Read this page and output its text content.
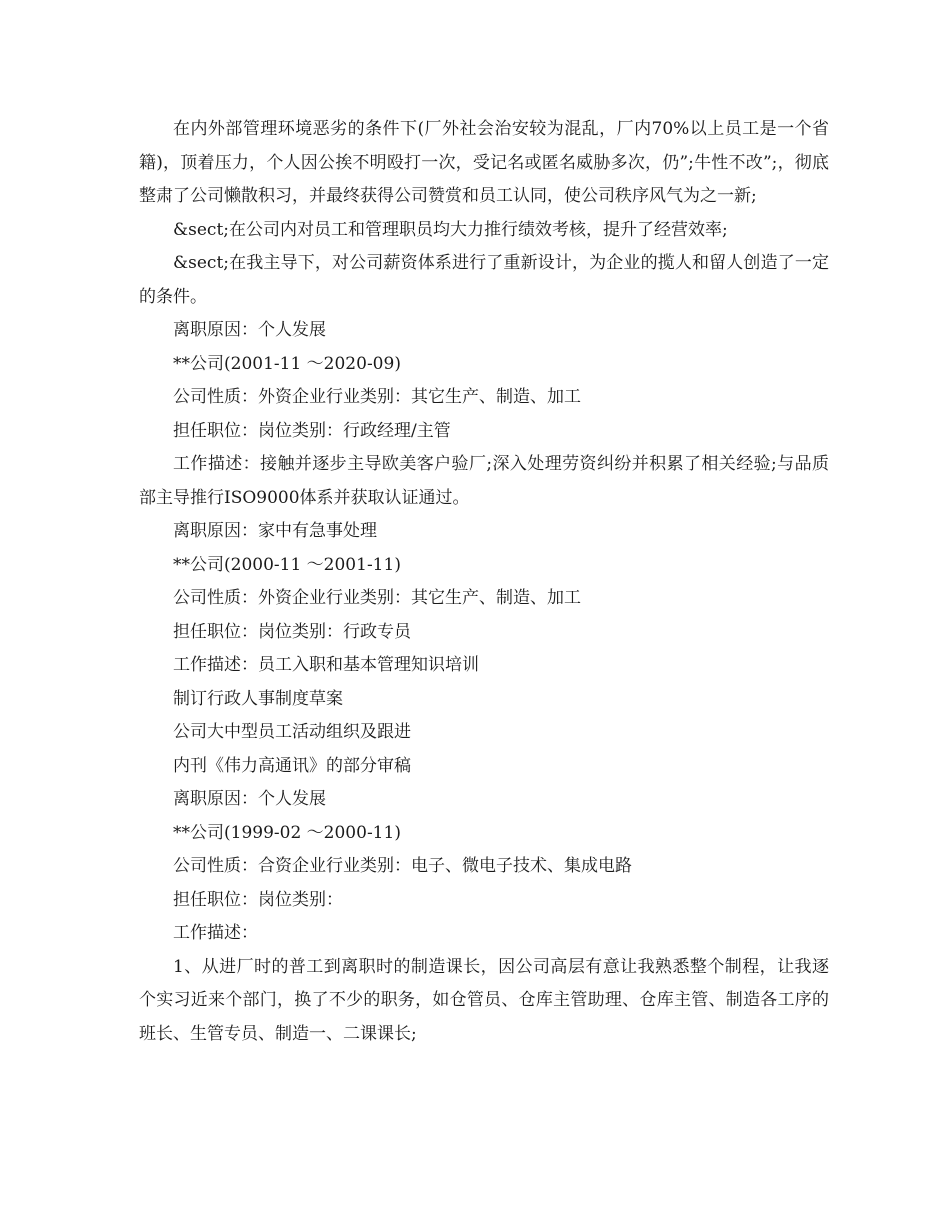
在内外部管理环境恶劣的条件下(厂外社会治安较为混乱，厂内70%以上员工是一个省籍)，顶着压力，个人因公挨不明殴打一次，受记名或匿名威胁多次，仍”;牛性不改”;，彻底整肃了公司懒散积习，并最终获得公司赞赏和员工认同，使公司秩序风气为之一新;

&sect;在公司内对员工和管理职员均大力推行绩效考核，提升了经营效率;

&sect;在我主导下，对公司薪资体系进行了重新设计，为企业的揽人和留人创造了一定的条件。

离职原因：个人发展

**公司(2001-11 ～2020-09)

公司性质：外资企业行业类别：其它生产、制造、加工

担任职位：岗位类别：行政经理/主管

工作描述：接触并逐步主导欧美客户验厂;深入处理劳资纠纷并积累了相关经验;与品质部主导推行ISO9000体系并获取认证通过。

离职原因：家中有急事处理

**公司(2000-11 ～2001-11)

公司性质：外资企业行业类别：其它生产、制造、加工

担任职位：岗位类别：行政专员

工作描述：员工入职和基本管理知识培训

制订行政人事制度草案

公司大中型员工活动组织及跟进

内刊《伟力高通讯》的部分审稿

离职原因：个人发展

**公司(1999-02 ～2000-11)

公司性质：合资企业行业类别：电子、微电子技术、集成电路

担任职位：岗位类别：

工作描述：

1、从进厂时的普工到离职时的制造课长，因公司高层有意让我熟悉整个制程，让我逐个实习近来个部门，换了不少的职务，如仓管员、仓库主管助理、仓库主管、制造各工序的班长、生管专员、制造一、二课课长;
